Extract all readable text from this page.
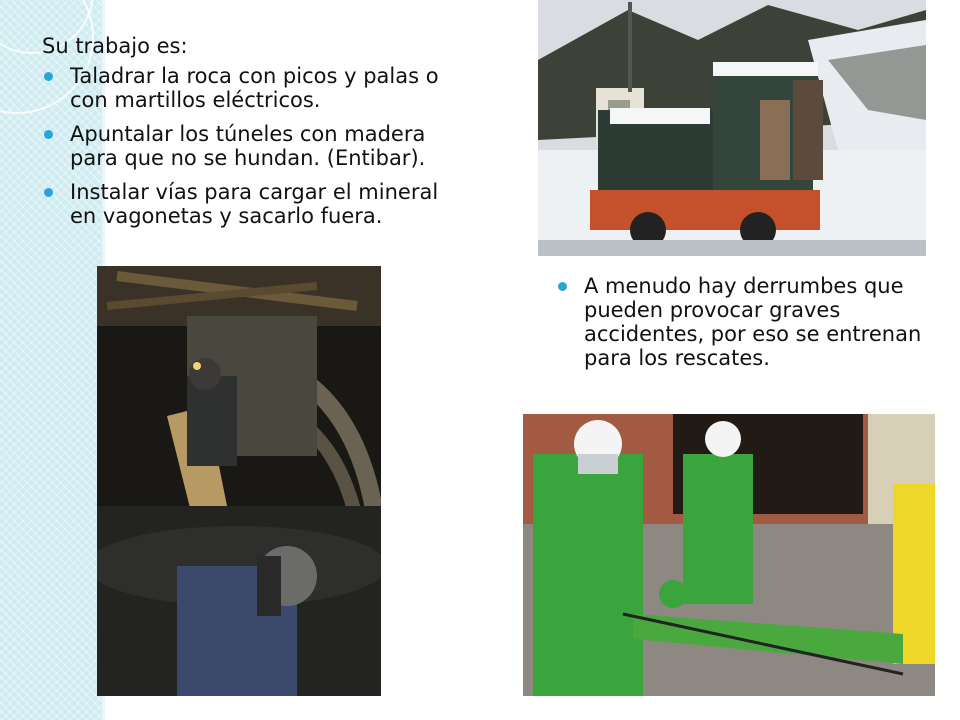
Su trabajo es:

Taladrar la roca con picos y palas o con martillos eléctricos.
Apuntalar los túneles con madera para que no se hundan. (Entibar).
Instalar vías para cargar el mineral en vagonetas y sacarlo fuera.
A menudo hay derrumbes que pueden provocar graves accidentes, por eso se entrenan para los rescates.
